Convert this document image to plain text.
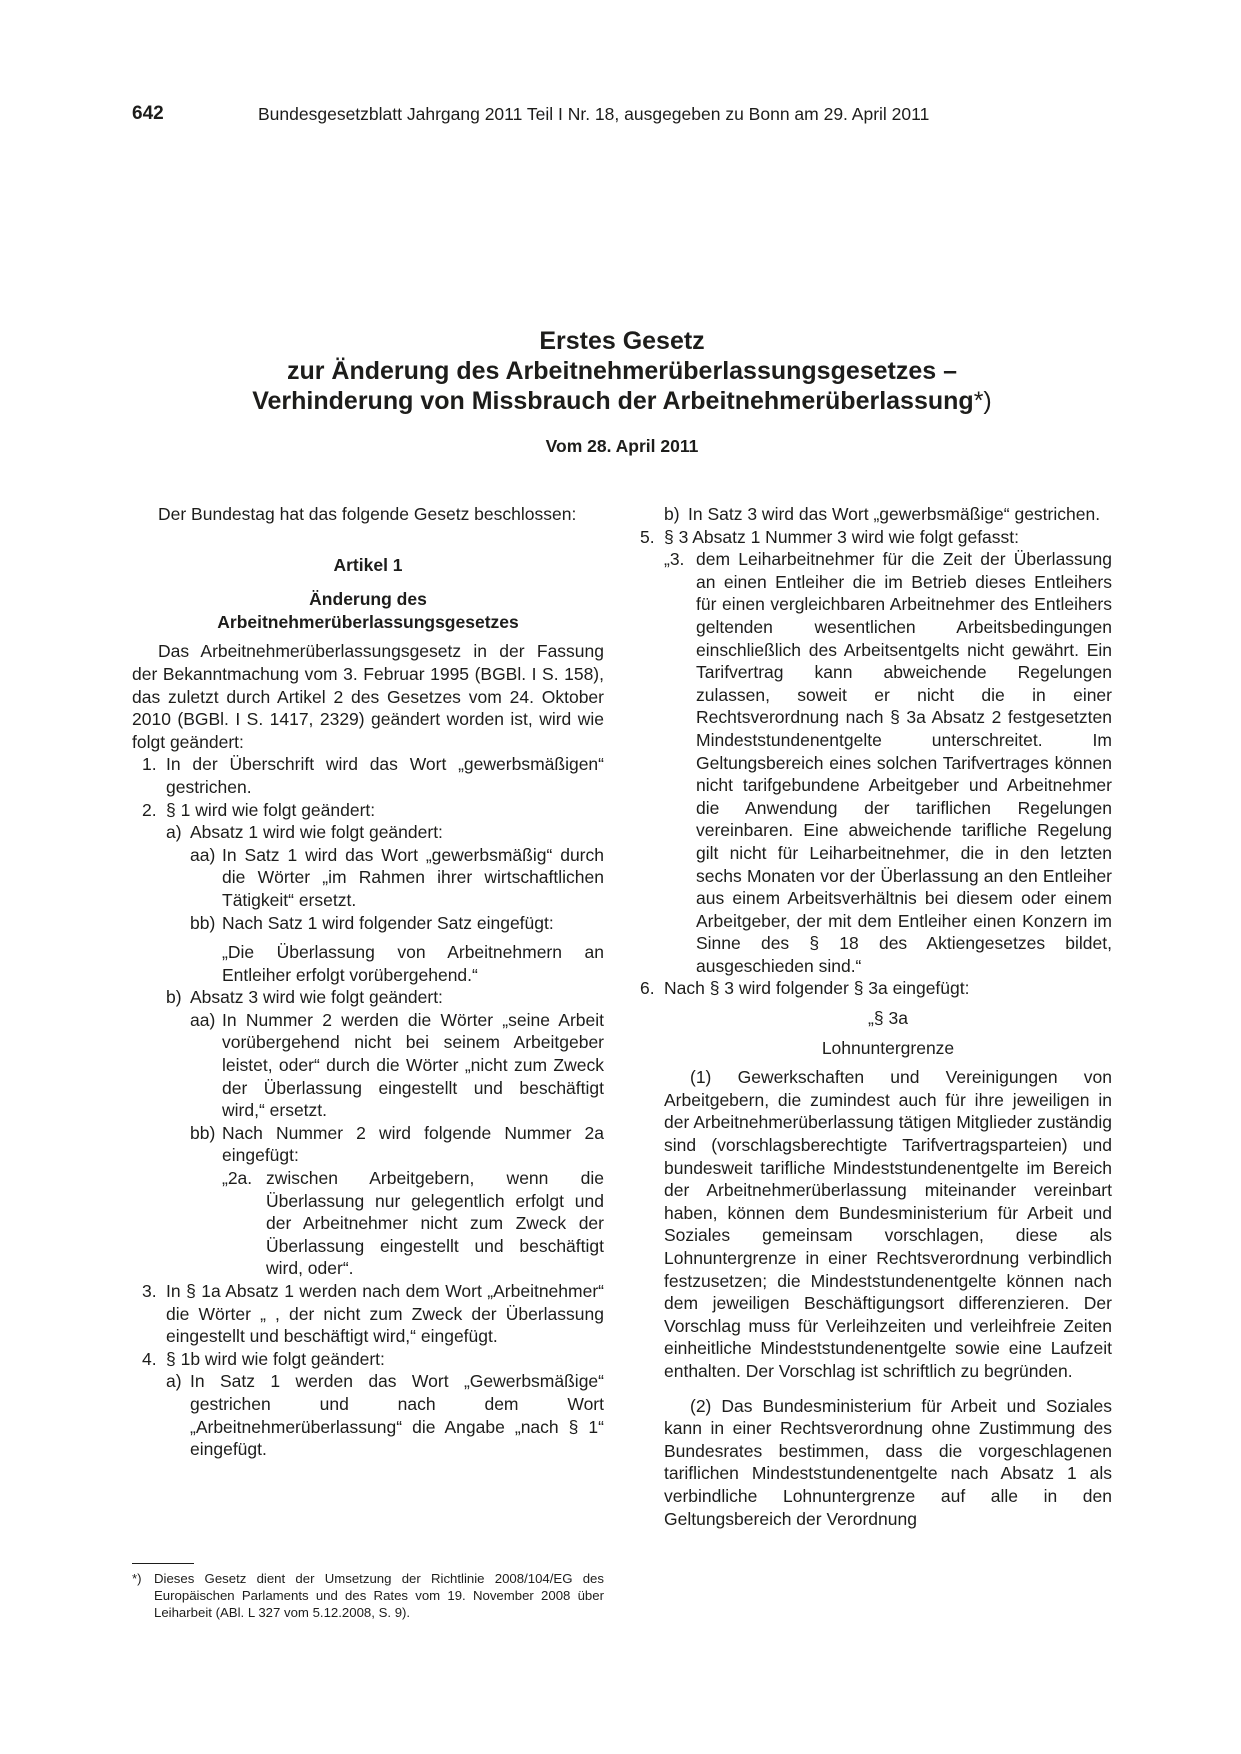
642	Bundesgesetzblatt Jahrgang 2011 Teil I Nr. 18, ausgegeben zu Bonn am 29. April 2011
Erstes Gesetz
zur Änderung des Arbeitnehmerüberlassungsgesetzes –
Verhinderung von Missbrauch der Arbeitnehmerüberlassung*)
Vom 28. April 2011

Der Bundestag hat das folgende Gesetz beschlossen:

Artikel 1

Änderung des

Arbeitnehmerüberlassungsgesetzes

Das Arbeitnehmerüberlassungsgesetz in der Fassung der Bekanntmachung vom 3. Februar 1995 (BGBl. I S. 158), das zuletzt durch Artikel 2 des Gesetzes vom 24. Oktober 2010 (BGBl. I S. 1417, 2329) geändert worden ist, wird wie folgt geändert:

1. In der Überschrift wird das Wort „gewerbsmäßigen“ gestrichen.
2. § 1 wird wie folgt geändert:
a) Absatz 1 wird wie folgt geändert:
aa) In Satz 1 wird das Wort „gewerbsmäßig“ durch die Wörter „im Rahmen ihrer wirtschaftlichen Tätigkeit“ ersetzt.
bb) Nach Satz 1 wird folgender Satz eingefügt:

„Die Überlassung von Arbeitnehmern an Entleiher erfolgt vorübergehend.“

b) Absatz 3 wird wie folgt geändert:
aa) In Nummer 2 werden die Wörter „seine Arbeit vorübergehend nicht bei seinem Arbeitgeber leistet, oder“ durch die Wörter „nicht zum Zweck der Überlassung eingestellt und beschäftigt wird,“ ersetzt.
bb) Nach Nummer 2 wird folgende Nummer 2a eingefügt:
„2a. zwischen Arbeitgebern, wenn die Überlassung nur gelegentlich erfolgt und der Arbeitnehmer nicht zum Zweck der Überlassung eingestellt und beschäftigt wird, oder“.
3. In § 1a Absatz 1 werden nach dem Wort „Arbeitnehmer“ die Wörter „ , der nicht zum Zweck der Überlassung eingestellt und beschäftigt wird,“ eingefügt.
4. § 1b wird wie folgt geändert:
a) In Satz 1 werden das Wort „Gewerbsmäßige“ gestrichen und nach dem Wort „Arbeitnehmerüberlassung“ die Angabe „nach § 1“ eingefügt.
b) In Satz 3 wird das Wort „gewerbsmäßige“ gestrichen.
5. § 3 Absatz 1 Nummer 3 wird wie folgt gefasst:
„3. dem Leiharbeitnehmer für die Zeit der Überlassung an einen Entleiher die im Betrieb dieses Entleihers für einen vergleichbaren Arbeitnehmer des Entleihers geltenden wesentlichen Arbeitsbedingungen einschließlich des Arbeitsentgelts nicht gewährt. Ein Tarifvertrag kann abweichende Regelungen zulassen, soweit er nicht die in einer Rechtsverordnung nach § 3a Absatz 2 festgesetzten Mindeststundenentgelte unterschreitet. Im Geltungsbereich eines solchen Tarifvertrages können nicht tarifgebundene Arbeitgeber und Arbeitnehmer die Anwendung der tariflichen Regelungen vereinbaren. Eine abweichende tarifliche Regelung gilt nicht für Leiharbeitnehmer, die in den letzten sechs Monaten vor der Überlassung an den Entleiher aus einem Arbeitsverhältnis bei diesem oder einem Arbeitgeber, der mit dem Entleiher einen Konzern im Sinne des § 18 des Aktiengesetzes bildet, ausgeschieden sind.“
6. Nach § 3 wird folgender § 3a eingefügt:

„§ 3a

Lohnuntergrenze

(1) Gewerkschaften und Vereinigungen von Arbeitgebern, die zumindest auch für ihre jeweiligen in der Arbeitnehmerüberlassung tätigen Mitglieder zuständig sind (vorschlagsberechtigte Tarifvertragsparteien) und bundesweit tarifliche Mindeststundenentgelte im Bereich der Arbeitnehmerüberlassung miteinander vereinbart haben, können dem Bundesministerium für Arbeit und Soziales gemeinsam vorschlagen, diese als Lohnuntergrenze in einer Rechtsverordnung verbindlich festzusetzen; die Mindeststundenentgelte können nach dem jeweiligen Beschäftigungsort differenzieren. Der Vorschlag muss für Verleihzeiten und verleihfreie Zeiten einheitliche Mindeststundenentgelte sowie eine Laufzeit enthalten. Der Vorschlag ist schriftlich zu begründen.

(2) Das Bundesministerium für Arbeit und Soziales kann in einer Rechtsverordnung ohne Zustimmung des Bundesrates bestimmen, dass die vorgeschlagenen tariflichen Mindeststundenentgelte nach Absatz 1 als verbindliche Lohnuntergrenze auf alle in den Geltungsbereich der Verordnung

*) Dieses Gesetz dient der Umsetzung der Richtlinie 2008/104/EG des Europäischen Parlaments und des Rates vom 19. November 2008 über Leiharbeit (ABl. L 327 vom 5.12.2008, S. 9).
